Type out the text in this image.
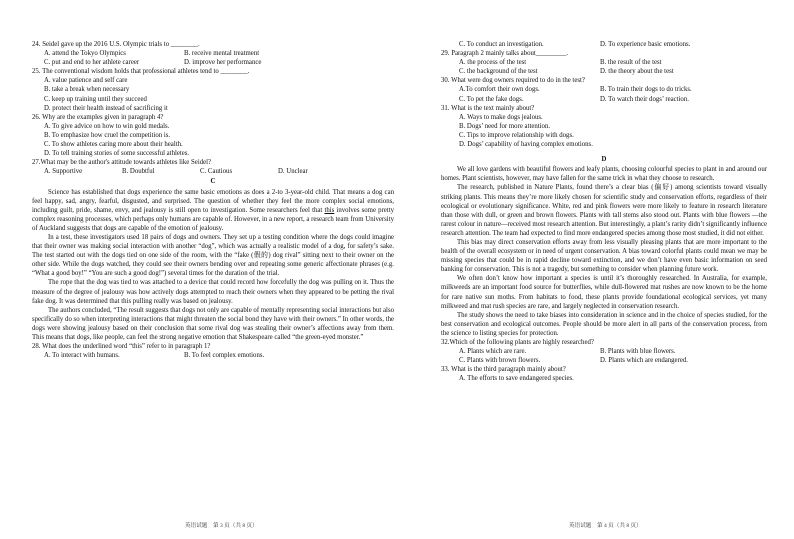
24. Seidel gave up the 2016 U.S. Olympic trials to ________.
A. attend the Tokyo Olympics	B. receive mental treatment
C. put and end to her athlete career	D. improve her performance
25. The conventional wisdom holds that professional athletes tend to ________.
A. value patience and self care
B. take a break when necessary
C. keep up training until they succeed
D. protect their health instead of sacrificing it
26. Why are the examples given in paragraph 4?
A. To give advice on how to win gold medals.
B. To emphasize how cruel the competition is.
C. To show athletes caring more about their health.
D. To tell training stories of some successful athletes.
27.What may be the author's attitude towards athletes like Seidel?
A. Supportive	B. Doubtful	C. Cautious	D. Unclear
C

Science has established that dogs experience the same basic emotions as does a 2-to 3-year-old child. That means a dog can feel happy, sad, angry, fearful, disgusted, and surprised. The question of whether they feel the more complex social emotions, including guilt, pride, shame, envy, and jealousy is still open to investigation. Some researchers feel that this involves some pretty complex reasoning processes, which perhaps only humans are capable of. However, in a new report, a research team from University of Auckland suggests that dogs are capable of the emotion of jealousy.

In a test, these investigators used 18 pairs of dogs and owners. They set up a testing condition where the dogs could imagine that their owner was making social interaction with another “dog”, which was actually a realistic model of a dog, for safety’s sake. The test started out with the dogs tied on one side of the room, with the “fake (假的) dog rival” sitting next to their owner on the other side. While the dogs watched, they could see their owners bending over and repeating some generic affectionate phrases (e.g. “What a good boy!” “You are such a good dog!”) several times for the duration of the trial.

The rope that the dog was tied to was attached to a device that could record how forcefully the dog was pulling on it. Thus the measure of the degree of jealousy was how actively dogs attempted to reach their owners when they appeared to be petting the rival fake dog. It was determined that this pulling really was based on jealousy.

The authors concluded, “The result suggests that dogs not only are capable of mentally representing social interactions but also specifically do so when interpreting interactions that might threaten the social bond they have with their owners.” In other words, the dogs were showing jealousy based on their conclusion that some rival dog was stealing their owner’s affections away from them. This means that dogs, like people, can feel the strong negative emotion that Shakespeare called “the green-eyed monster.”

28. What does the underlined word “this” refer to in paragraph 1?
A. To interact with humans.	B. To feel complex emotions.
C. To conduct an investigation.	D. To experience basic emotions.
29. Paragraph 2 mainly talks about_________.
A. the process of the test	B. the result of the test
C. the background of the test	D. the theory about the test
30. What were dog owners required to do in the test?
A.To comfort their own dogs.	B. To train their dogs to do tricks.
C. To pet the fake dogs.	D. To watch their dogs’ reaction.
31. What is the text mainly about?
A. Ways to make dogs jealous.
B. Dogs’ need for more attention.
C. Tips to improve relationship with dogs.
D. Dogs’ capability of having complex emotions.
D

We all love gardens with beautiful flowers and leafy plants, choosing colourful species to plant in and around our homes. Plant scientists, however, may have fallen for the same trick in what they choose to research.

The research, published in Nature Plants, found there’s a clear bias (偏好) among scientists toward visually striking plants. This means they’re more likely chosen for scientific study and conservation efforts, regardless of their ecological or evolutionary significance. White, red and pink flowers were more likely to feature in research literature than those with dull, or green and brown flowers. Plants with tall stems also stood out. Plants with blue flowers —the rarest colour in nature—received most research attention. But interestingly, a plant’s rarity didn’t significantly influence research attention. The team had expected to find more endangered species among those most studied, it did not either.

This bias may direct conservation efforts away from less visually pleasing plants that are more important to the health of the overall ecosystem or in need of urgent conservation. A bias toward colorful plants could mean we may be missing species that could be in rapid decline toward extinction, and we don’t have even basic information on seed banking for conservation. This is not a tragedy, but something to consider when planning future work.

We often don’t know how important a species is until it’s thoroughly researched. In Australia, for example, milkweeds are an important food source for butterflies, while dull-flowered mat rushes are now known to be the home for rare native sun moths. From habitats to food, these plants provide foundational ecological services, yet many milkweed and mat rush species are rare, and largely neglected in conservation research.

The study shows the need to take biases into consideration in science and in the choice of species studied, for the best conservation and ecological outcomes. People should be more alert in all parts of the conservation process, from the science to listing species for protection.

32.Which of the following plants are highly researched?
A. Plants which are rare.	B. Plants with blue flowers.
C. Plants with brown flowers.	D. Plants which are endangered.
33. What is the third paragraph mainly about?
A. The efforts to save endangered species.
英语试题　第 3 页（共 8 页）	英语试题　第 4 页（共 8 页）
